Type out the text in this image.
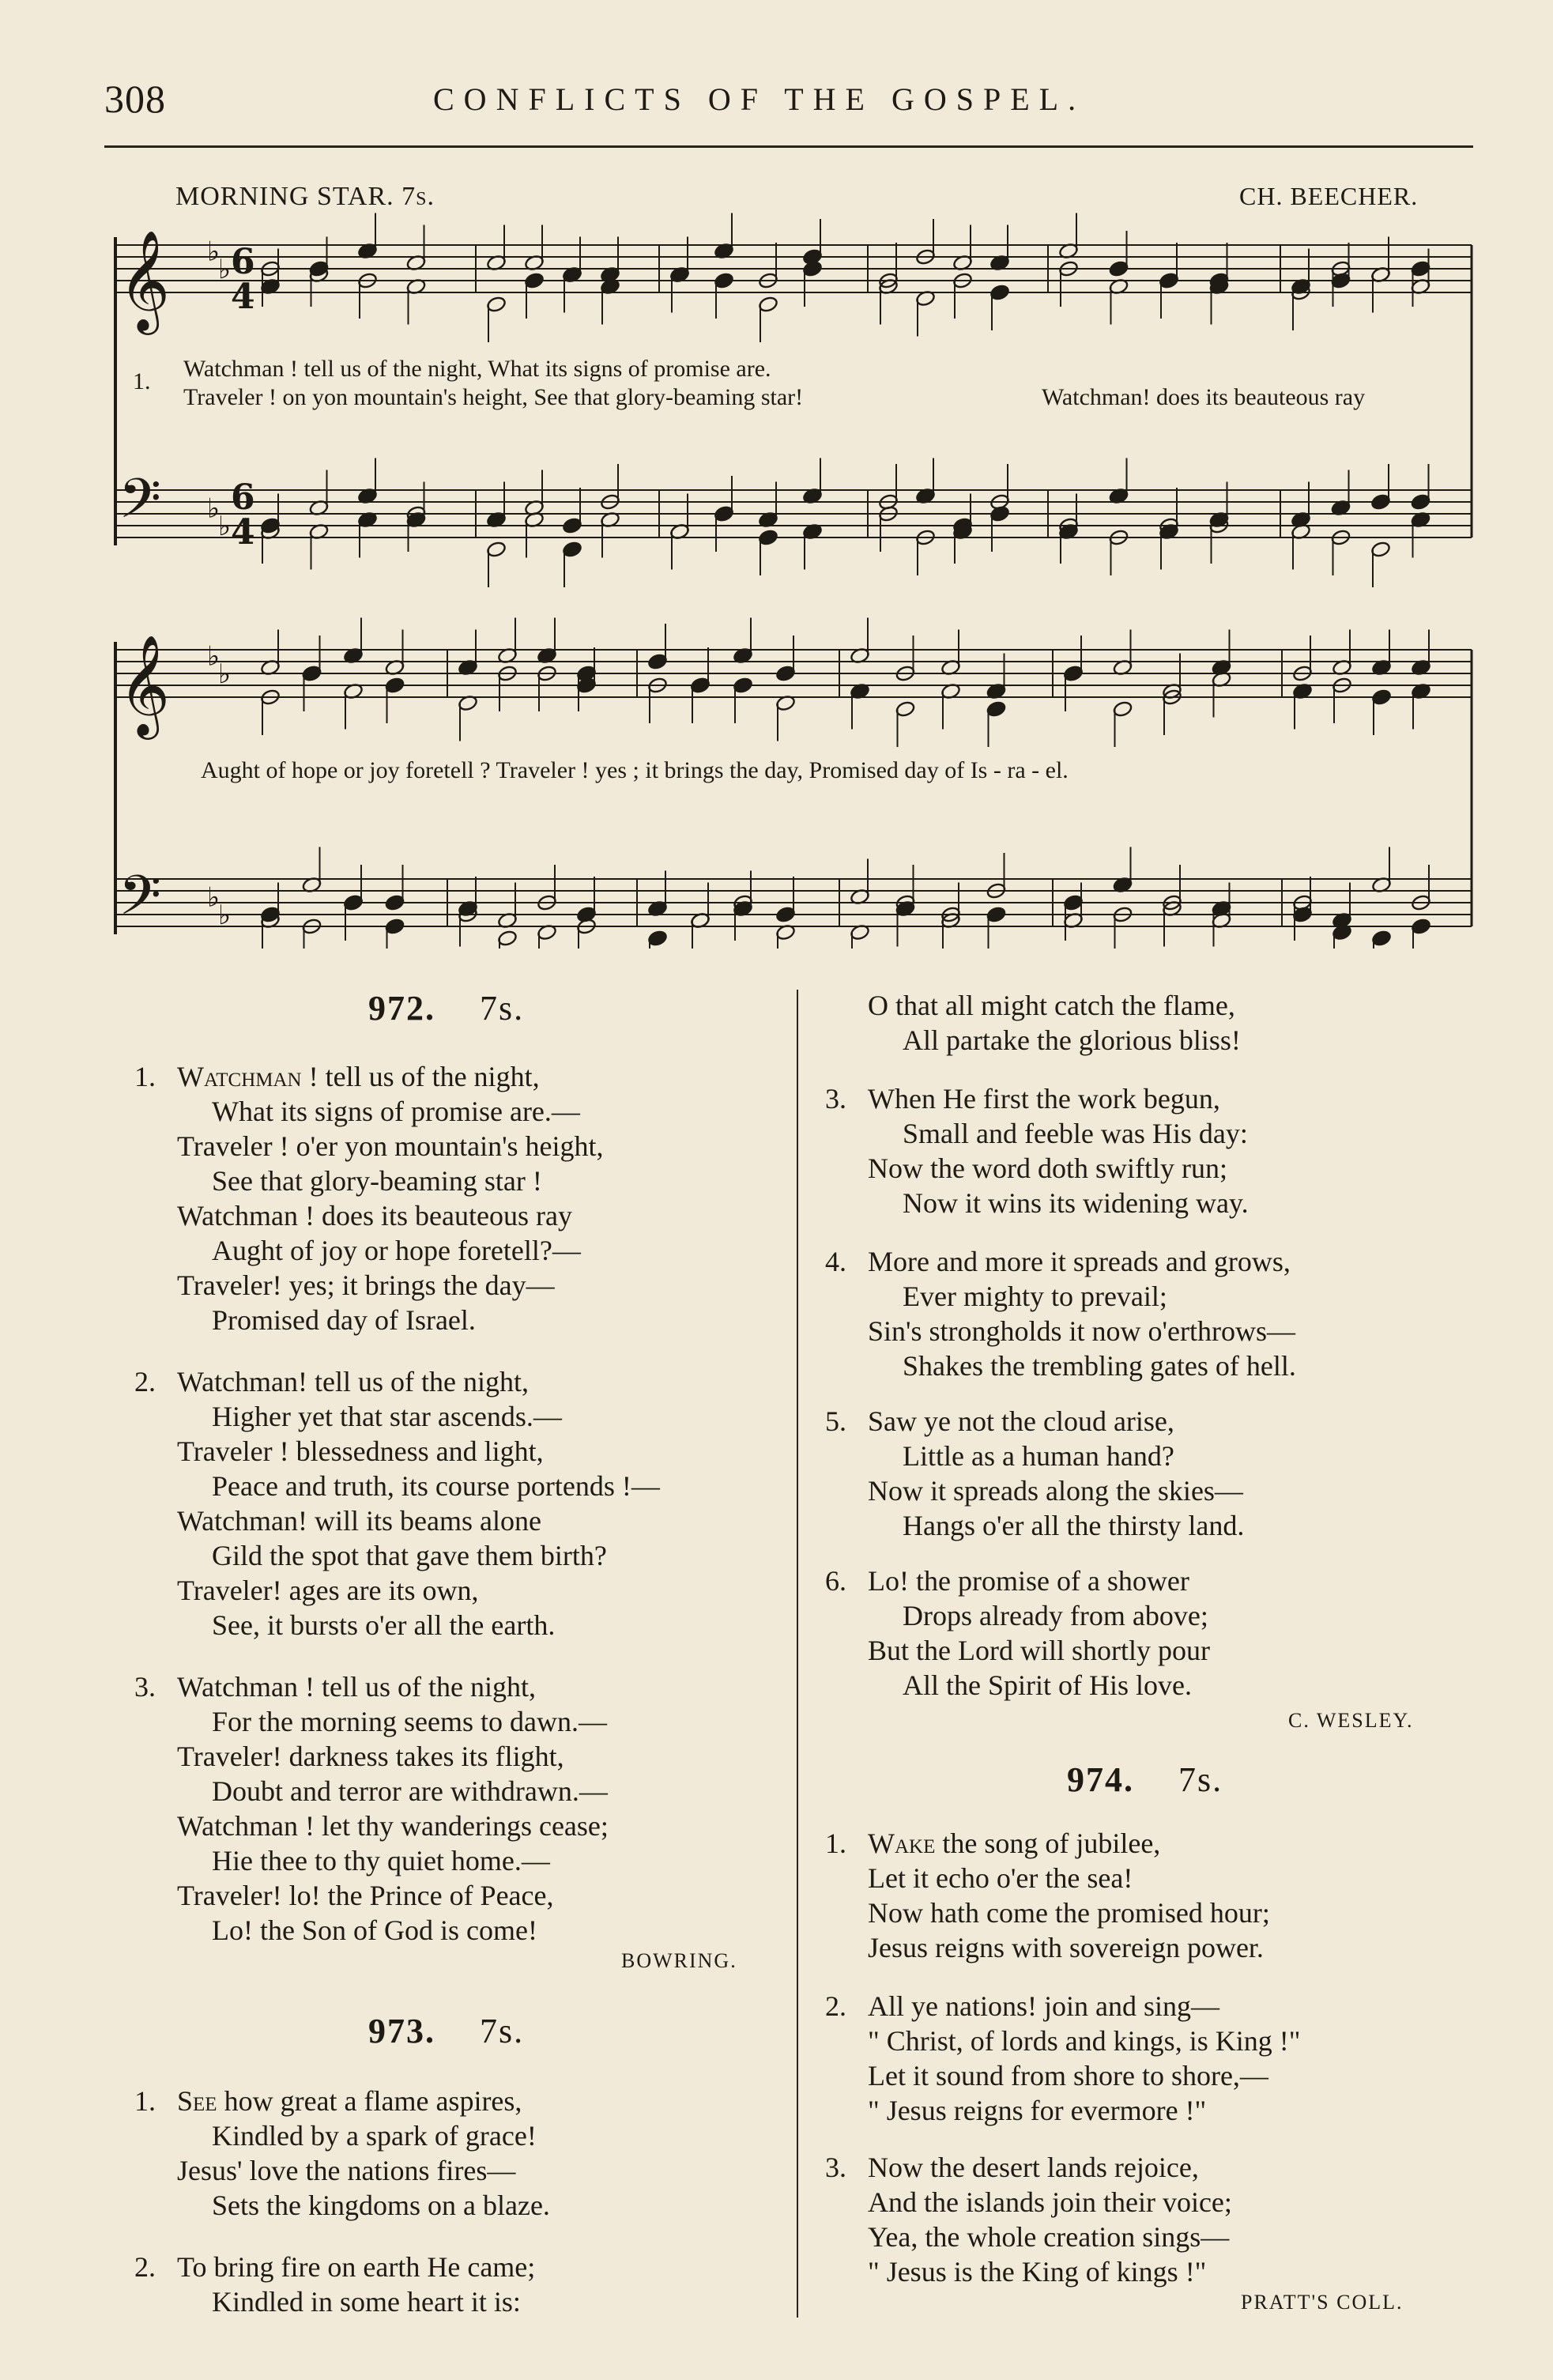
308	CONFLICTS OF THE GOSPEL.
MORNING STAR. 7s.	CH. BEECHER.
♭
♭
♭
♭
♭
♭
♭
♭
𝄞
𝄢
𝄞
𝄢
6
4
6
4
1. Watchman ! tell us of the night, What its signs of promise are.
Traveler ! on yon mountain's height, See that glory-beaming star!	Watchman! does its beauteous ray
Aught of hope or joy foretell ? Traveler ! yes ; it brings the day, Promised day of Is - ra - el.
972. 7s.
1. Watchman ! tell us of the night,
What its signs of promise are.—
Traveler ! o'er yon mountain's height,
See that glory-beaming star !
Watchman ! does its beauteous ray
Aught of joy or hope foretell?—
Traveler! yes; it brings the day—
Promised day of Israel.
2. Watchman! tell us of the night,
Higher yet that star ascends.—
Traveler ! blessedness and light,
Peace and truth, its course portends !—
Watchman! will its beams alone
Gild the spot that gave them birth?
Traveler! ages are its own,
See, it bursts o'er all the earth.
3. Watchman ! tell us of the night,
For the morning seems to dawn.—
Traveler! darkness takes its flight,
Doubt and terror are withdrawn.—
Watchman ! let thy wanderings cease;
Hie thee to thy quiet home.—
Traveler! lo! the Prince of Peace,
Lo! the Son of God is come!
BOWRING.
973. 7s.
1. See how great a flame aspires,
Kindled by a spark of grace!
Jesus' love the nations fires—
Sets the kingdoms on a blaze.
2. To bring fire on earth He came;
Kindled in some heart it is:
O that all might catch the flame,
All partake the glorious bliss!
3. When He first the work begun,
Small and feeble was His day:
Now the word doth swiftly run;
Now it wins its widening way.
4. More and more it spreads and grows,
Ever mighty to prevail;
Sin's strongholds it now o'erthrows—
Shakes the trembling gates of hell.
5. Saw ye not the cloud arise,
Little as a human hand?
Now it spreads along the skies—
Hangs o'er all the thirsty land.
6. Lo! the promise of a shower
Drops already from above;
But the Lord will shortly pour
All the Spirit of His love.
C. WESLEY.
974. 7s.
1. Wake the song of jubilee,
Let it echo o'er the sea!
Now hath come the promised hour;
Jesus reigns with sovereign power.
2. All ye nations! join and sing—
" Christ, of lords and kings, is King !"
Let it sound from shore to shore,—
" Jesus reigns for evermore !"
3. Now the desert lands rejoice,
And the islands join their voice;
Yea, the whole creation sings—
" Jesus is the King of kings !"
PRATT'S COLL.
